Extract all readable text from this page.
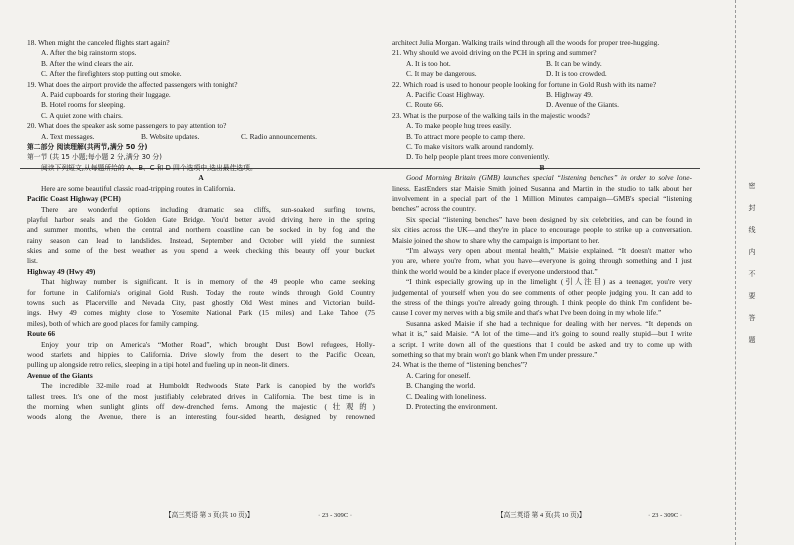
18. When might the canceled flights start again?
A. After the big rainstorm stops.
B. After the wind clears the air.
C. After the firefighters stop putting out smoke.
19. What does the airport provide the affected passengers with tonight?
A. Paid cupboards for storing their luggage.
B. Hotel rooms for sleeping.
C. A quiet zone with chairs.
20. What does the speaker ask some passengers to pay attention to?
A. Text messages.	B. Website updates.	C. Radio announcements.
第二部分 阅读理解(共两节,满分 50 分)
第一节 (共 15 小题;每小题 2 分,满分 30 分)
阅读下列短文,从每题所给的 A、B、C 和 D 四个选项中,选出最佳选项。
A
Here are some beautiful classic road-tripping routes in California.
Pacific Coast Highway (PCH)
There are wonderful options including dramatic sea cliffs, sun-soaked surfing towns,
playful harbor seals and the Golden Gate Bridge. You'd better avoid driving here in the spring
and summer months, when the central and northern coastline can be socked in by fog and the
rainy season can lead to landslides. Instead, September and October will yield the sunniest
skies and some of the best weather as you spend a week checking this beauty off your bucket
list.
Highway 49 (Hwy 49)
That highway number is significant. It is in memory of the 49 people who came seeking
for fortune in California's original Gold Rush. Today the route winds through Gold Country
towns such as Placerville and Nevada City, past ghostly Old West mines and Victorian build-
ings. Hwy 49 comes mighty close to Yosemite National Park (15 miles) and Lake Tahoe (75
miles), both of which are good places for family camping.
Route 66
Enjoy your trip on America's “Mother Road”, which brought Dust Bowl refugees, Holly-
wood starlets and hippies to California. Drive slowly from the desert to the Pacific Ocean,
pulling up alongside retro relics, sleeping in a tipi hotel and fueling up in neon-lit diners.
Avenue of the Giants
The incredible 32-mile road at Humboldt Redwoods State Park is canopied by the world's
tallest trees. It's one of the most justifiably celebrated drives in California. The best time is in
the morning when sunlight glints off dew-drenched ferns. Among the majestic (壮观的)
woods along the Avenue, there is an interesting four-sided hearth, designed by renowned
architect Julia Morgan. Walking trails wind through all the woods for proper tree-hugging.
21. Why should we avoid driving on the PCH in spring and summer?
A. It is too hot.	B. It can be windy.
C. It may be dangerous.	D. It is too crowded.
22. Which road is used to honour people looking for fortune in Gold Rush with its name?
A. Pacific Coast Highway.	B. Highway 49.
C. Route 66.	D. Avenue of the Giants.
23. What is the purpose of the walking tails in the majestic woods?
A. To make people hug trees easily.
B. To attract more people to camp there.
C. To make visitors walk around randomly.
D. To help people plant trees more conveniently.
B
Good Morning Britain (GMB) launches special “listening benches” in order to solve lone-
liness. EastEnders star Maisie Smith joined Susanna and Martin in the studio to talk about her
involvement in a special part of the 1 Million Minutes campaign—GMB's special “listening
benches” across the country.
Six special “listening benches” have been designed by six celebrities, and can be found in
six cities across the UK—and they're in place to encourage people to strike up a conversation.
Maisie joined the show to share why the campaign is important to her.
“I'm always very open about mental health,” Maisie explained. “It doesn't matter who
you are, where you're from, what you have—everyone is going through something and I just
think the world would be a kinder place if everyone understood that.”
“I think especially growing up in the limelight (引人注目) as a teenager, you're very
judgemental of yourself when you do see comments of other people judging you. It can add to
the stress of the things you're already going through. I think people do think I'm confident be-
cause I cover my nerves with a big smile and that's what I've been doing in my whole life.”
Susanna asked Maisie if she had a technique for dealing with her nerves. “It depends on
what it is,” said Maisie. “A lot of the time—and it's going to sound really stupid—but I write
a script. I write down all of the questions that I could be asked and try to come up with
something so that my brain won't go blank when I'm under pressure.”
24. What is the theme of “listening benches”?
A. Caring for oneself.
B. Changing the world.
C. Dealing with loneliness.
D. Protecting the environment.
【高三英语 第 3 页(共 10 页)】	· 23 - 309C ·	【高三英语 第 4 页(共 10 页)】	· 23 - 309C ·
密
封
线
内
不
要
答
题
